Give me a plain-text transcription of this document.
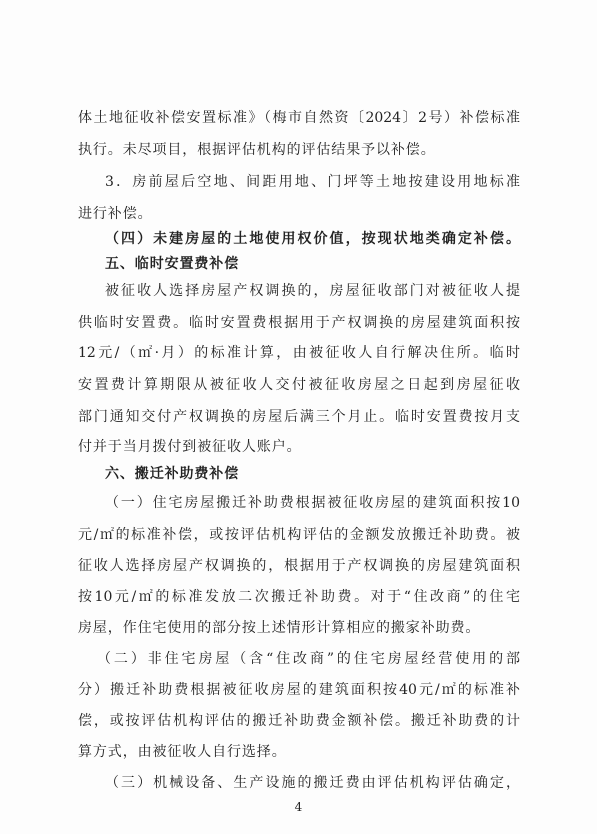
体土地征收补偿安置标准》（梅市自然资〔2024〕2号）补偿标准
执行。未尽项目，根据评估机构的评估结果予以补偿。
3．房前屋后空地、间距用地、门坪等土地按建设用地标准
进行补偿。
（四）未建房屋的土地使用权价值，按现状地类确定补偿。
五、临时安置费补偿
被征收人选择房屋产权调换的，房屋征收部门对被征收人提
供临时安置费。临时安置费根据用于产权调换的房屋建筑面积按
12元/（㎡·月）的标准计算，由被征收人自行解决住所。临时
安置费计算期限从被征收人交付被征收房屋之日起到房屋征收
部门通知交付产权调换的房屋后满三个月止。临时安置费按月支
付并于当月拨付到被征收人账户。
六、搬迁补助费补偿
（一）住宅房屋搬迁补助费根据被征收房屋的建筑面积按10
元/㎡的标准补偿，或按评估机构评估的金额发放搬迁补助费。被
征收人选择房屋产权调换的，根据用于产权调换的房屋建筑面积
按10元/㎡的标准发放二次搬迁补助费。对于“住改商”的住宅
房屋，作住宅使用的部分按上述情形计算相应的搬家补助费。
（二）非住宅房屋（含“住改商”的住宅房屋经营使用的部
分）搬迁补助费根据被征收房屋的建筑面积按40元/㎡的标准补
偿，或按评估机构评估的搬迁补助费金额补偿。搬迁补助费的计
算方式，由被征收人自行选择。
（三）机械设备、生产设施的搬迁费由评估机构评估确定，
4
